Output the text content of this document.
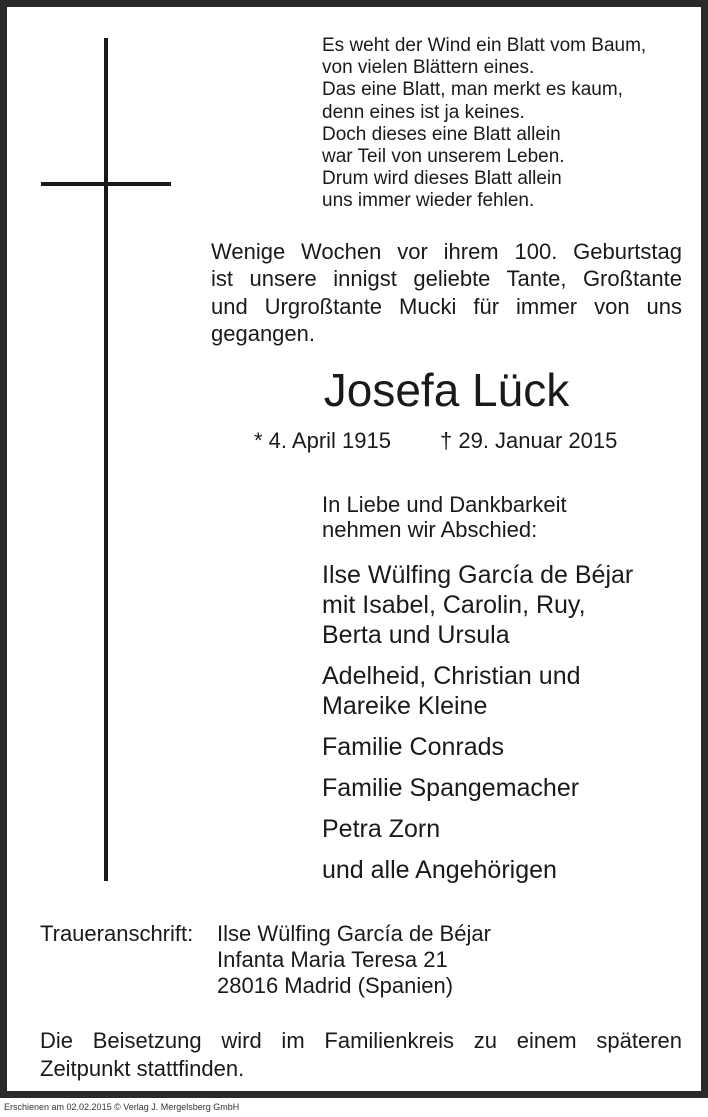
Es weht der Wind ein Blatt vom Baum,
von vielen Blättern eines.
Das eine Blatt, man merkt es kaum,
denn eines ist ja keines.
Doch dieses eine Blatt allein
war Teil von unserem Leben.
Drum wird dieses Blatt allein
uns immer wieder fehlen.
Wenige Wochen vor ihrem 100. Geburtstag
ist unsere innigst geliebte Tante, Großtante
und Urgroßtante Mucki für immer von uns
gegangen.
Josefa Lück
* 4. April 1915 † 29. Januar 2015
In Liebe und Dankbarkeit
nehmen wir Abschied:
Ilse Wülfing García de Béjar
mit Isabel, Carolin, Ruy,
Berta und Ursula
Adelheid, Christian und
Mareike Kleine
Familie Conrads
Familie Spangemacher
Petra Zorn
und alle Angehörigen
Traueranschrift: Ilse Wülfing García de Béjar
Infanta Maria Teresa 21
28016 Madrid (Spanien)
Die Beisetzung wird im Familienkreis zu einem späteren
Zeitpunkt stattfinden.
Erschienen am 02.02.2015 © Verlag J. Mergelsberg GmbH
